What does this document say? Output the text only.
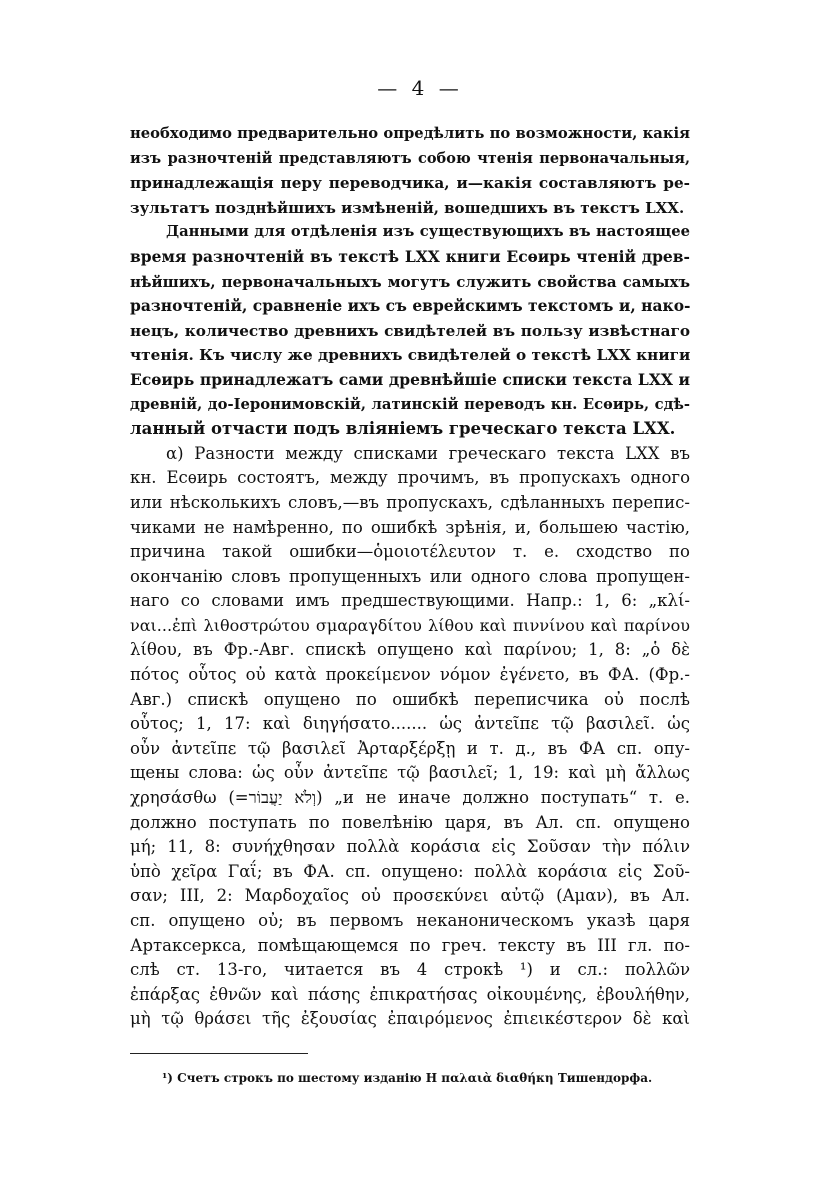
— 4 —
необходимо предварительно опредѣлить по возможности, какія
изъ разночтеній представляютъ собою чтенія первоначальныя,
принадлежащія перу переводчика, и—какія составляютъ ре-
зультатъ позднѣйшихъ измѣненій, вошедшихъ въ текстъ LXX.
Данными для отдѣленія изъ существующихъ въ настоящее
время разночтеній въ текстѣ LXX книги Есѳирь чтеній древ-
нѣйшихъ, первоначальныхъ могутъ служить свойства самыхъ
разночтеній, сравненіе ихъ съ еврейскимъ текстомъ и, нако-
нецъ, количество древнихъ свидѣтелей въ пользу извѣстнаго
чтенія. Къ числу же древнихъ свидѣтелей о текстѣ LXX книги
Есѳирь принадлежатъ сами древнѣйшіе списки текста LXX и
древній, до-Іеронимовскій, латинскій переводъ кн. Есѳирь, сдѣ-
ланный отчасти подъ вліяніемъ греческаго текста LXX.
α) Разности между списками греческаго текста LXX въ
кн. Есѳирь состоятъ, между прочимъ, въ пропускахъ одного
или нѣсколькихъ словъ,—въ пропускахъ, сдѣланныхъ перепис-
чиками не намѣренно, по ошибкѣ зрѣнія, и, большею частію,
причина такой ошибки—ὁμοιοτέλευτον т. е. сходство по
окончанію словъ пропущенныхъ или одного слова пропущен-
наго со словами имъ предшествующими. Напр.: 1, 6: „κλί-
ναι...ἐπὶ λιθοστρώτου σμαραγδίτου λίθου καὶ πιννίνου καὶ παρίνου
λίθου, въ Фр.-Авг. спискѣ опущено καὶ παρίνου; 1, 8: „ὁ δὲ
πότος οὗτος οὐ κατὰ προκείμενον νόμον ἐγένετο, въ ФА. (Фр.-
Авг.) спискѣ опущено по ошибкѣ переписчика οὐ послѣ
οὗτος; 1, 17: καὶ διηγήσατο....... ὡς ἀντεῖπε τῷ βασιλεῖ. ὡς
οὖν ἀντεῖπε τῷ βασιλεῖ Ἀρταρξέρξῃ и т. д., въ ФА сп. опу-
щены слова: ὡς οὖν ἀντεῖπε τῷ βασιλεῖ; 1, 19: καὶ μὴ ἄλλως
χρησάσθω (=וְלֹא יַעֲבוֹר) „и не иначе должно поступать“ т. е.
должно поступать по повелѣнію царя, въ Ал. сп. опущено
μή; 11, 8: συνήχθησαν πολλὰ κοράσια εἰς Σοῦσαν τὴν πόλιν
ὑπὸ χεῖρα Γαΐ; въ ФА. сп. опущено: πολλὰ κοράσια εἰς Σοῦ-
σαν; III, 2: Μαρδοχαῖος οὐ προσεκύνει αὐτῷ (Αμαν), въ Ал.
сп. опущено οὐ; въ первомъ неканоническомъ указѣ царя
Артаксеркса, помѣщающемся по греч. тексту въ III гл. по-
слѣ ст. 13-го, читается въ 4 строкѣ ¹) и сл.: πολλῶν
ἐπάρξας ἐθνῶν καὶ πάσης ἐπικρατήσας οἰκουμένης, ἐβουλήθην,
μὴ τῷ θράσει τῆς ἐξουσίας ἐπαιρόμενος ἐπιεικέστερον δὲ καὶ
¹) Счетъ строкъ по шестому изданію Η παλαιὰ διαθήκη Тишендорфа.
